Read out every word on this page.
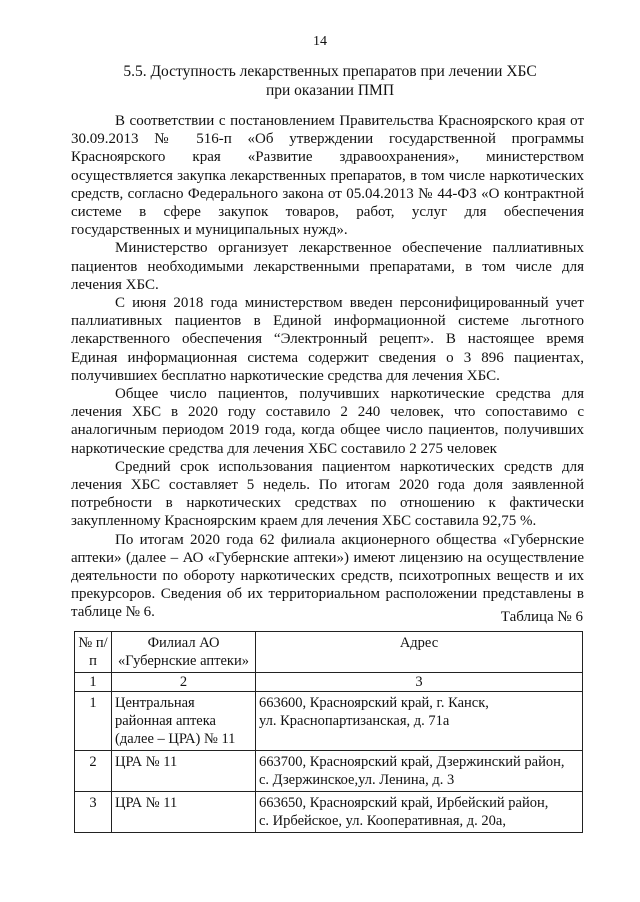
14
5.5. Доступность лекарственных препаратов при лечении ХБС
при оказании ПМП

В соответствии с постановлением Правительства Красноярского края от 30.09.2013 № 516-п «Об утверждении государственной программы Красноярского края «Развитие здравоохранения», министерством осуществляется закупка лекарственных препаратов, в том числе наркотических средств, согласно Федерального закона от 05.04.2013 № 44-ФЗ «О контрактной системе в сфере закупок товаров, работ, услуг для обеспечения государственных и муниципальных нужд».

Министерство организует лекарственное обеспечение паллиативных пациентов необходимыми лекарственными препаратами, в том числе для лечения ХБС.

С июня 2018 года министерством введен персонифицированный учет паллиативных пациентов в Единой информационной системе льготного лекарственного обеспечения “Электронный рецепт». В настоящее время Единая информационная система содержит сведения о 3 896 пациентах, получившиех бесплатно наркотические средства для лечения ХБС.

Общее число пациентов, получивших наркотические средства для лечения ХБС в 2020 году составило 2 240 человек, что сопоставимо с аналогичным периодом 2019 года, когда общее число пациентов, получивших наркотические средства для лечения ХБС составило 2 275 человек

Средний срок использования пациентом наркотических средств для лечения ХБС составляет 5 недель. По итогам 2020 года доля заявленной потребности в наркотических средствах по отношению к фактически закупленному Красноярским краем для лечения ХБС составила 92,75 %.

По итогам 2020 года 62 филиала акционерного общества «Губернские аптеки» (далее – АО «Губернские аптеки») имеют лицензию на осуществление деятельности по обороту наркотических средств, психотропных веществ и их прекурсоров. Сведения об их территориальном расположении представлены в таблице № 6.	Таблица № 6
№ п/п	Филиал АО «Губернские аптеки»	Адрес
1	2	3
1	Центральная
районная аптека
(далее – ЦРА) № 11	663600, Красноярский край, г. Канск,
ул. Краснопартизанская, д. 71а

2	ЦРА № 11	663700, Красноярский край, Дзержинский район,
с. Дзержинское,ул. Ленина, д. 3

3	ЦРА № 11	663650, Красноярский край, Ирбейский район,
с. Ирбейское, ул. Кооперативная, д. 20а,
